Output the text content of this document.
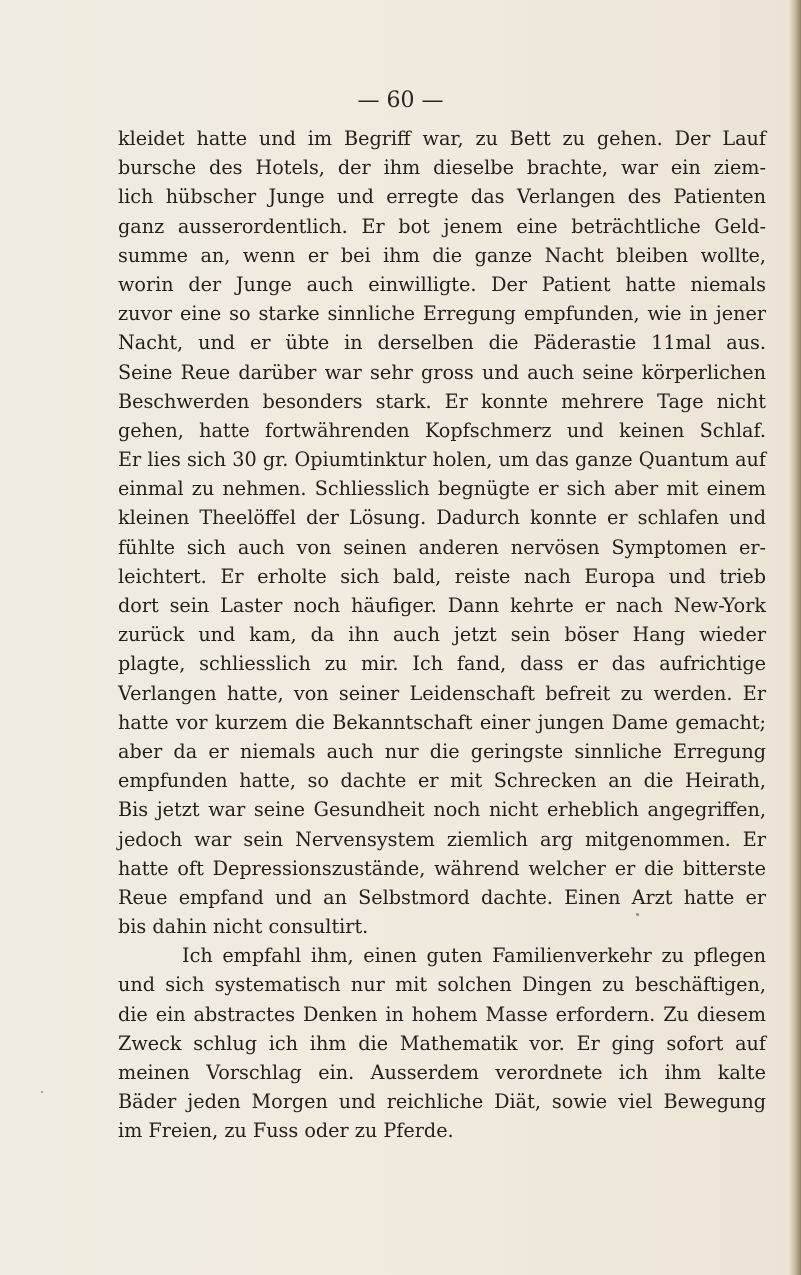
— 60 —

kleidet hatte und im Begriff war, zu Bett zu gehen. Der Lauf
bursche des Hotels, der ihm dieselbe brachte, war ein ziem-
lich hübscher Junge und erregte das Verlangen des Patienten
ganz ausserordentlich. Er bot jenem eine beträchtliche Geld-
summe an, wenn er bei ihm die ganze Nacht bleiben wollte,
worin der Junge auch einwilligte. Der Patient hatte niemals
zuvor eine so starke sinnliche Erregung empfunden, wie in jener
Nacht, und er übte in derselben die Päderastie 11mal aus.
Seine Reue darüber war sehr gross und auch seine körperlichen
Beschwerden besonders stark. Er konnte mehrere Tage nicht
gehen, hatte fortwährenden Kopfschmerz und keinen Schlaf.
Er lies sich 30 gr. Opiumtinktur holen, um das ganze Quantum auf
einmal zu nehmen. Schliesslich begnügte er sich aber mit einem
kleinen Theelöffel der Lösung. Dadurch konnte er schlafen und
fühlte sich auch von seinen anderen nervösen Symptomen er-
leichtert. Er erholte sich bald, reiste nach Europa und trieb
dort sein Laster noch häufiger. Dann kehrte er nach New-York
zurück und kam, da ihn auch jetzt sein böser Hang wieder
plagte, schliesslich zu mir. Ich fand, dass er das aufrichtige
Verlangen hatte, von seiner Leidenschaft befreit zu werden. Er
hatte vor kurzem die Bekanntschaft einer jungen Dame gemacht;
aber da er niemals auch nur die geringste sinnliche Erregung
empfunden hatte, so dachte er mit Schrecken an die Heirath,
Bis jetzt war seine Gesundheit noch nicht erheblich angegriffen,
jedoch war sein Nervensystem ziemlich arg mitgenommen. Er
hatte oft Depressionszustände, während welcher er die bitterste
Reue empfand und an Selbstmord dachte. Einen Arzt hatte er
bis dahin nicht consultirt.
Ich empfahl ihm, einen guten Familienverkehr zu pflegen
und sich systematisch nur mit solchen Dingen zu beschäftigen,
die ein abstractes Denken in hohem Masse erfordern. Zu diesem
Zweck schlug ich ihm die Mathematik vor. Er ging sofort auf
meinen Vorschlag ein. Ausserdem verordnete ich ihm kalte
Bäder jeden Morgen und reichliche Diät, sowie viel Bewegung
im Freien, zu Fuss oder zu Pferde.
